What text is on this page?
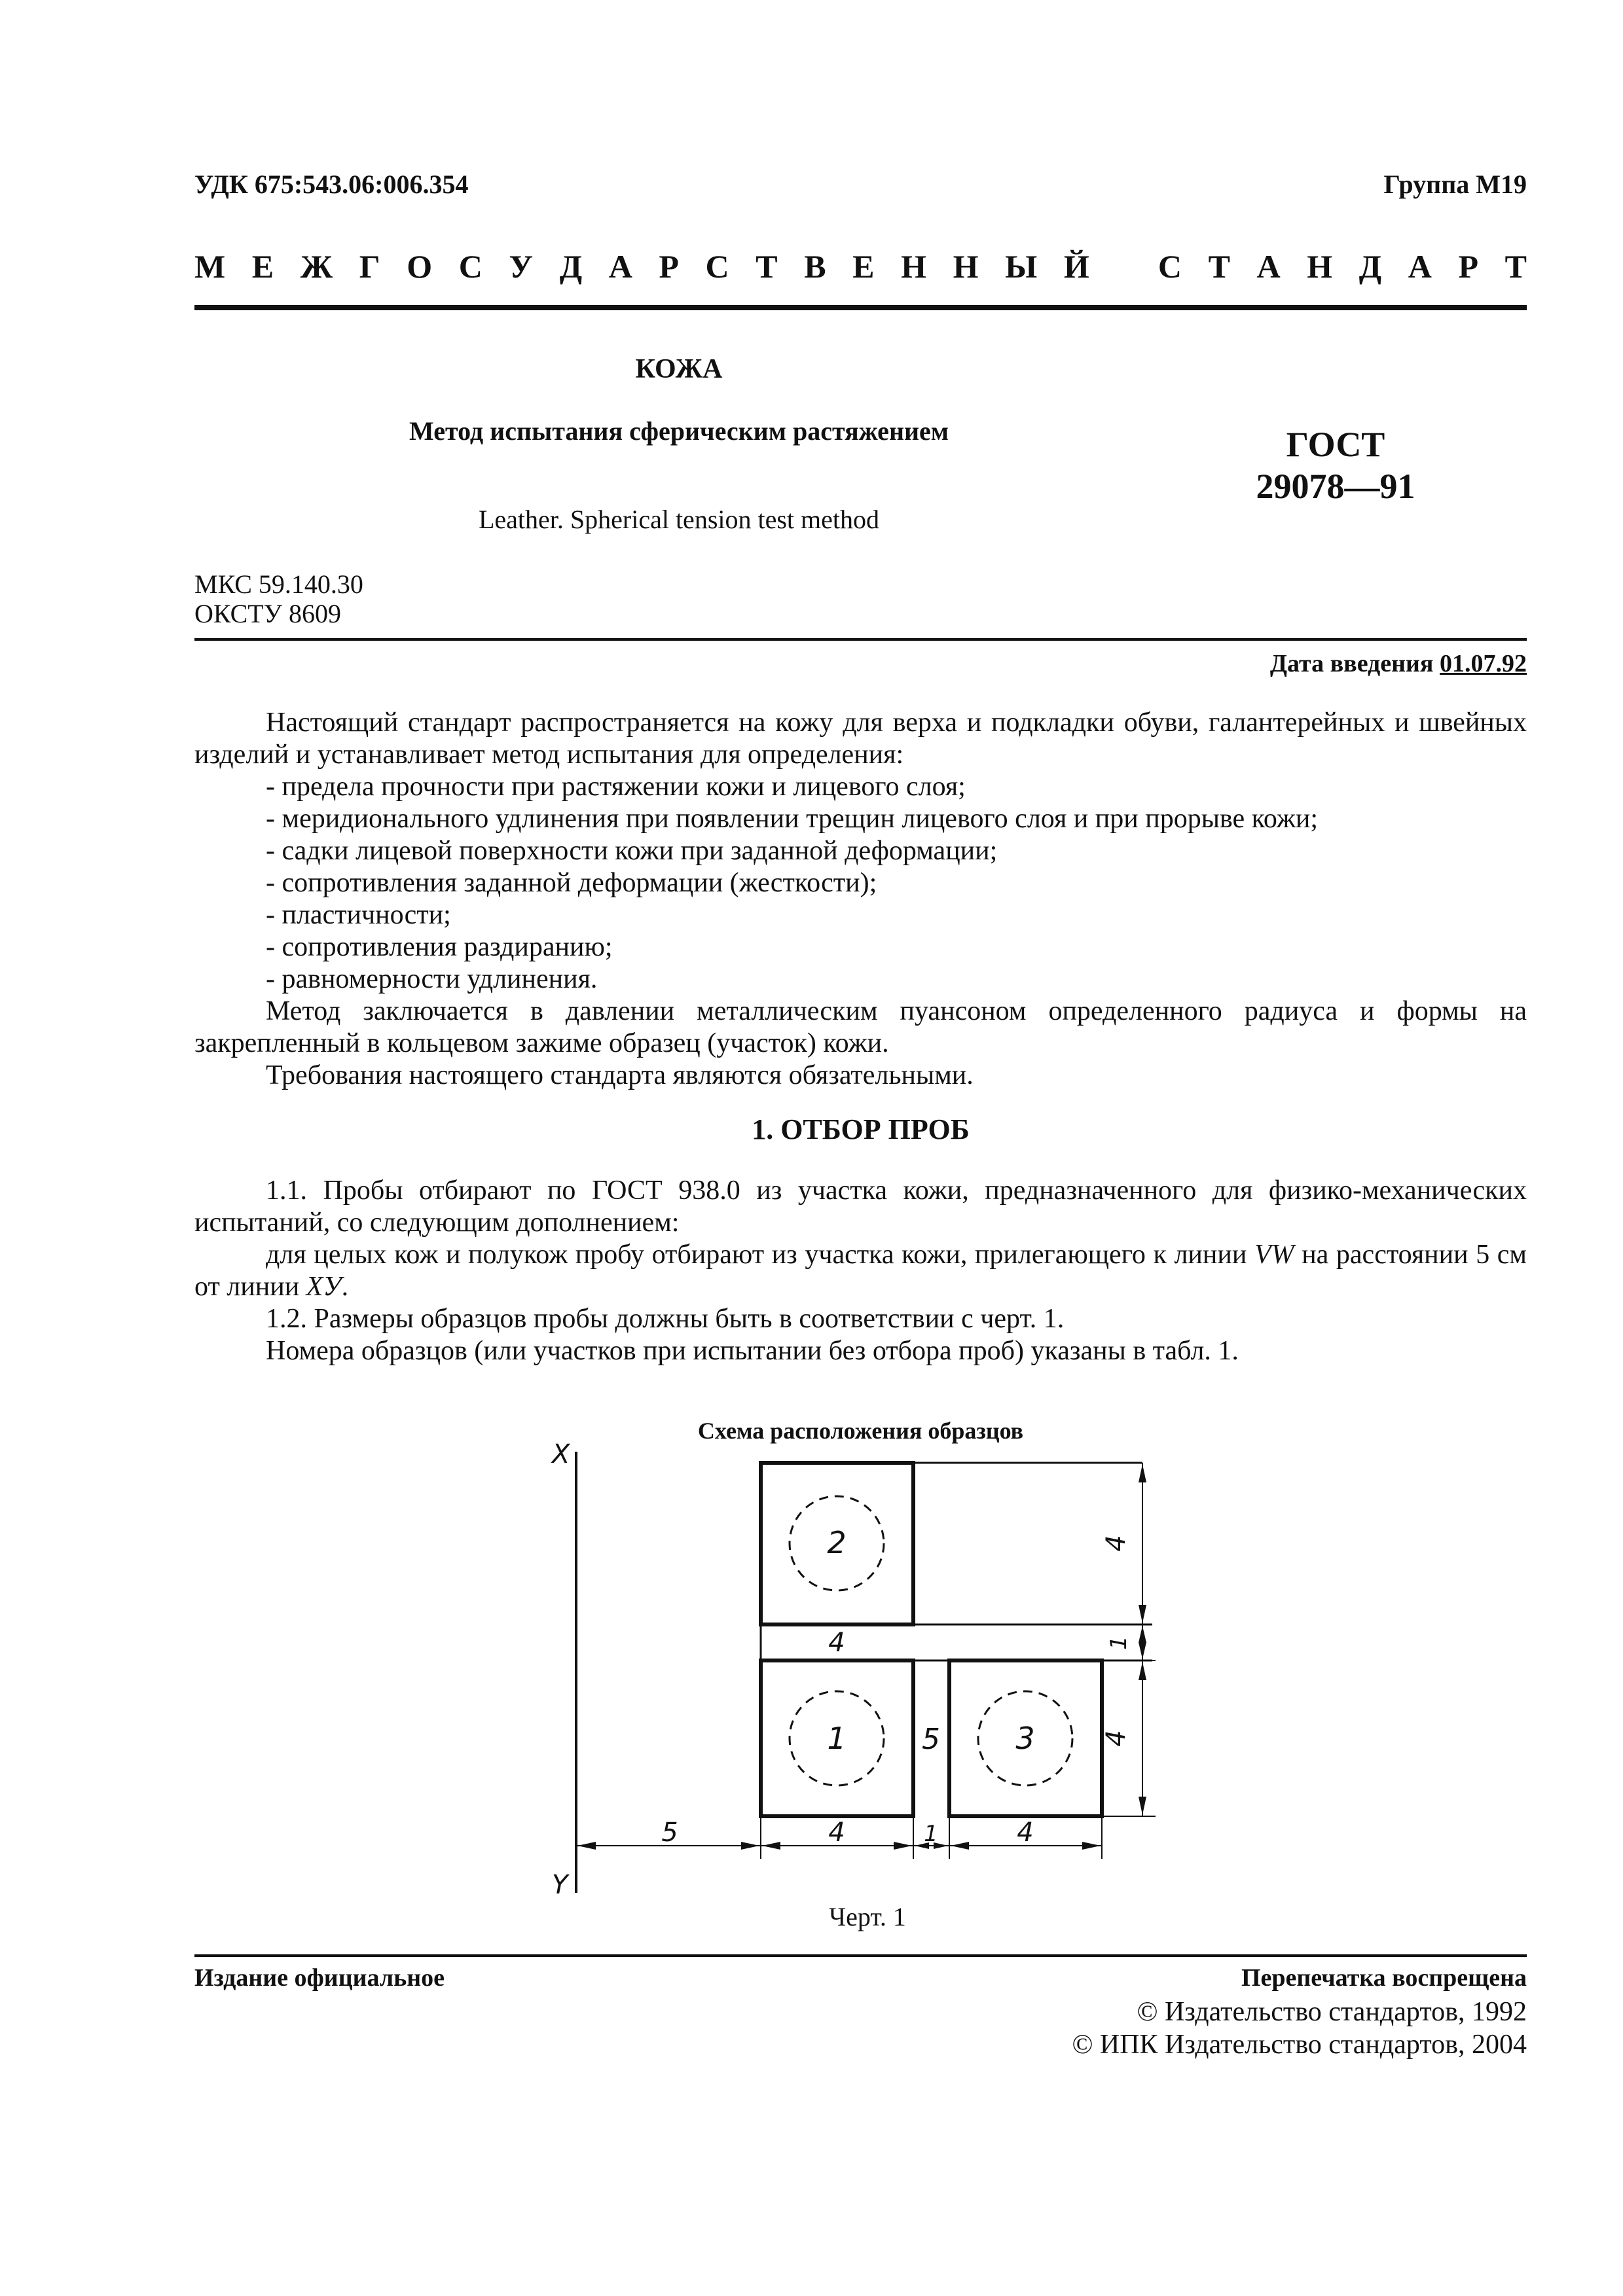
УДК 675:543.06:006.354	Группа М19
М Е Ж Г О С У Д А Р С Т В Е Н Н Ы Й С Т А Н Д А Р Т
КОЖА
Метод испытания сферическим растяжением
Leather. Spherical tension test method
ГОСТ
29078—91
МКС 59.140.30
ОКСТУ 8609
Дата введения 01.07.92
Настоящий стандарт распространяется на кожу для верха и подкладки обуви, галантерейных и швейных изделий и устанавливает метод испытания для определения:
- предела прочности при растяжении кожи и лицевого слоя;
- меридионального удлинения при появлении трещин лицевого слоя и при прорыве кожи;
- садки лицевой поверхности кожи при заданной деформации;
- сопротивления заданной деформации (жесткости);
- пластичности;
- сопротивления раздиранию;
- равномерности удлинения.
Метод заключается в давлении металлическим пуансоном определенного радиуса и формы на закрепленный в кольцевом зажиме образец (участок) кожи.
Требования настоящего стандарта являются обязательными.
1. ОТБОР ПРОБ
1.1. Пробы отбирают по ГОСТ 938.0 из участка кожи, предназначенного для физико-механических испытаний, со следующим дополнением:
для целых кож и полукож пробу отбирают из участка кожи, прилегающего к линии VW на расстоянии 5 см от линии XУ.
1.2. Размеры образцов пробы должны быть в соответствии с черт. 1.
Номера образцов (или участков при испытании без отбора проб) указаны в табл. 1.
Схема расположения образцов
X
Y
2
1	3
4
5
5	4	1	4
4
1
4
Черт. 1
Издание официальное	Перепечатка воспрещена
© Издательство стандартов, 1992
© ИПК Издательство стандартов, 2004
